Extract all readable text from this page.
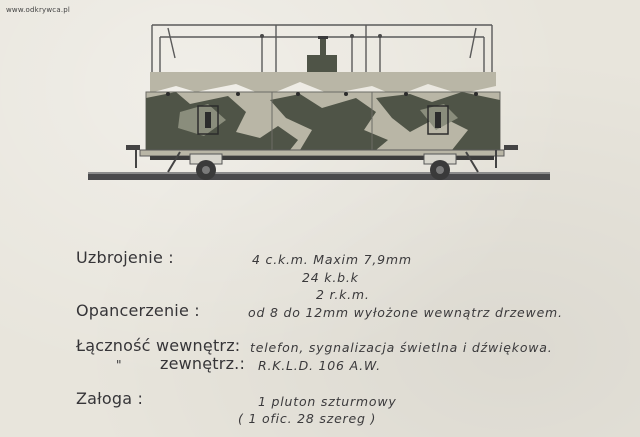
www.odkrywca.pl
Uzbrojenie :	4 c.k.m. Maxim 7,9mm
24 k.b.k
2 r.k.m.
Opancerzenie :	od 8 do 12mm wyłożone wewnątrz drzewem.
Łączność wewnętrz: telefon, sygnalizacja świetlna i dźwiękowa.
" zewnętrz.: R.K.L.D. 106 A.W.
Załoga :	1 pluton szturmowy
( 1 ofic. 28 szereg )
